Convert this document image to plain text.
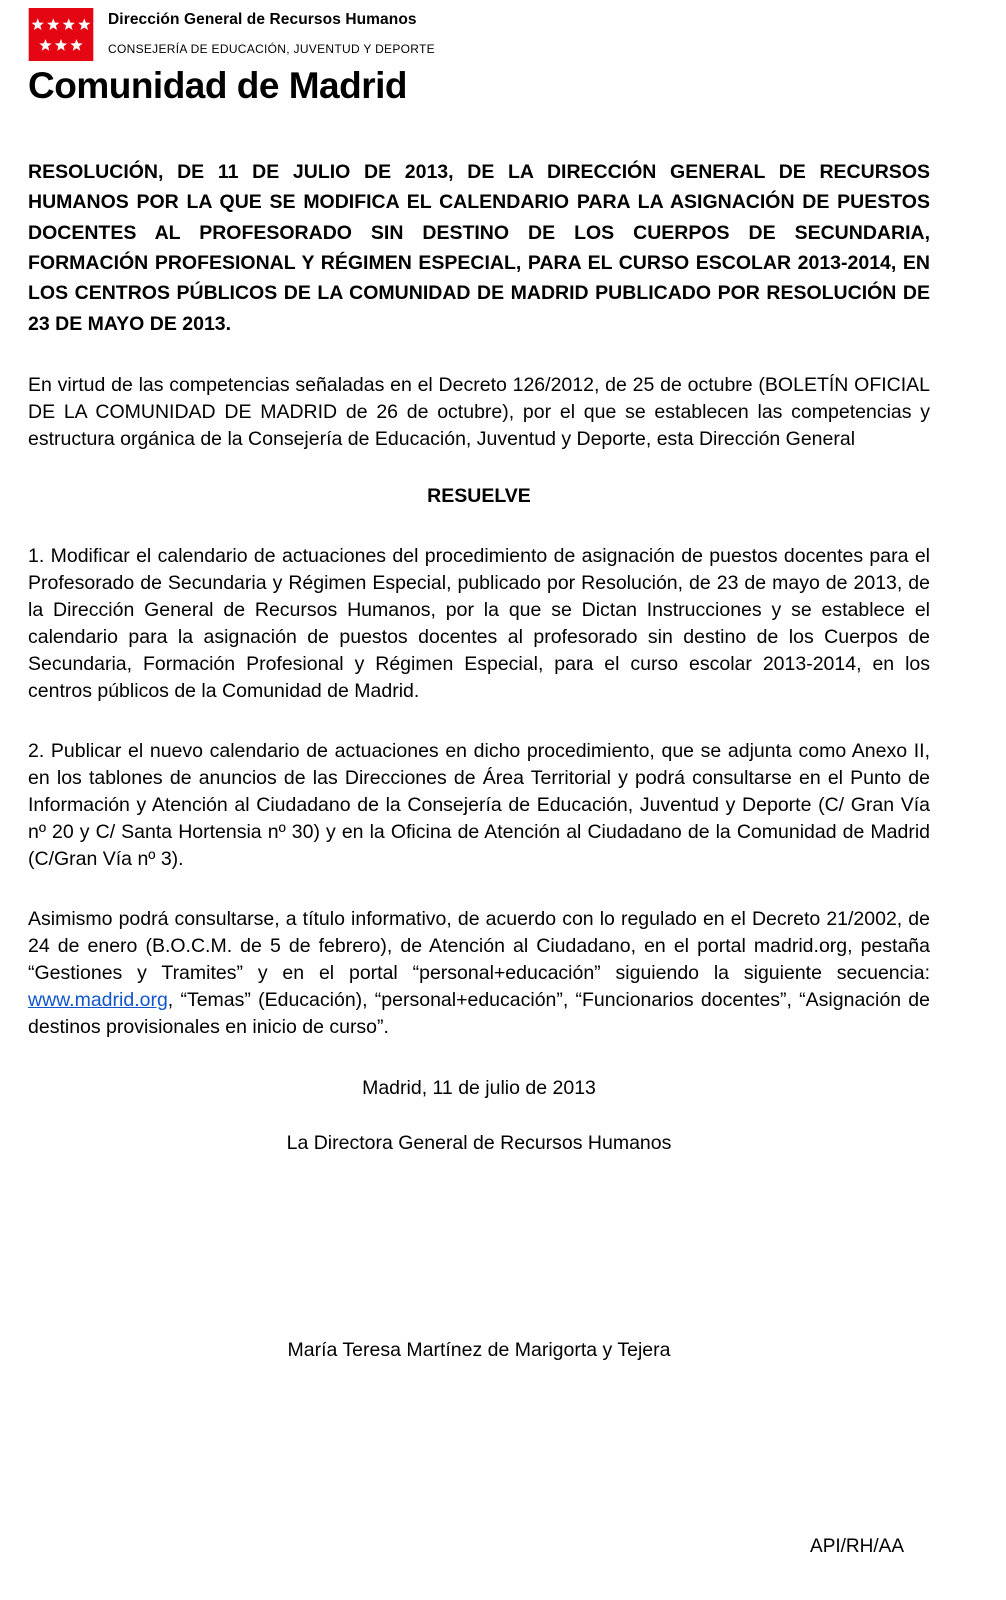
Dirección General de Recursos Humanos
CONSEJERÍA DE EDUCACIÓN, JUVENTUD Y DEPORTE
Comunidad de Madrid

RESOLUCIÓN, DE 11 DE JULIO DE 2013, DE LA DIRECCIÓN GENERAL DE RECURSOS HUMANOS POR LA QUE SE MODIFICA EL CALENDARIO PARA LA ASIGNACIÓN DE PUESTOS DOCENTES AL PROFESORADO SIN DESTINO DE LOS CUERPOS DE SECUNDARIA, FORMACIÓN PROFESIONAL Y RÉGIMEN ESPECIAL, PARA EL CURSO ESCOLAR 2013-2014, EN LOS CENTROS PÚBLICOS DE LA COMUNIDAD DE MADRID PUBLICADO POR RESOLUCIÓN DE 23 DE MAYO DE 2013.

En virtud de las competencias señaladas en el Decreto 126/2012, de 25 de octubre (BOLETÍN OFICIAL DE LA COMUNIDAD DE MADRID de 26 de octubre), por el que se establecen las competencias y estructura orgánica de la Consejería de Educación, Juventud y Deporte, esta Dirección General

RESUELVE

1. Modificar el calendario de actuaciones del procedimiento de asignación de puestos docentes para el Profesorado de Secundaria y Régimen Especial, publicado por Resolución, de 23 de mayo de 2013, de la Dirección General de Recursos Humanos, por la que se Dictan Instrucciones y se establece el calendario para la asignación de puestos docentes al profesorado sin destino de los Cuerpos de Secundaria, Formación Profesional y Régimen Especial, para el curso escolar 2013-2014, en los centros públicos de la Comunidad de Madrid.

2. Publicar el nuevo calendario de actuaciones en dicho procedimiento, que se adjunta como Anexo II, en los tablones de anuncios de las Direcciones de Área Territorial y podrá consultarse en el Punto de Información y Atención al Ciudadano de la Consejería de Educación, Juventud y Deporte (C/ Gran Vía nº 20 y C/ Santa Hortensia nº 30) y en la Oficina de Atención al Ciudadano de la Comunidad de Madrid (C/Gran Vía nº 3).

Asimismo podrá consultarse, a título informativo, de acuerdo con lo regulado en el Decreto 21/2002, de 24 de enero (B.O.C.M. de 5 de febrero), de Atención al Ciudadano, en el portal madrid.org, pestaña “Gestiones y Tramites” y en el portal “personal+educación” siguiendo la siguiente secuencia: www.madrid.org, “Temas” (Educación), “personal+educación”, “Funcionarios docentes”, “Asignación de destinos provisionales en inicio de curso”.

Madrid, 11 de julio de 2013

La Directora General de Recursos Humanos

María Teresa Martínez de Marigorta y Tejera

API/RH/AA
